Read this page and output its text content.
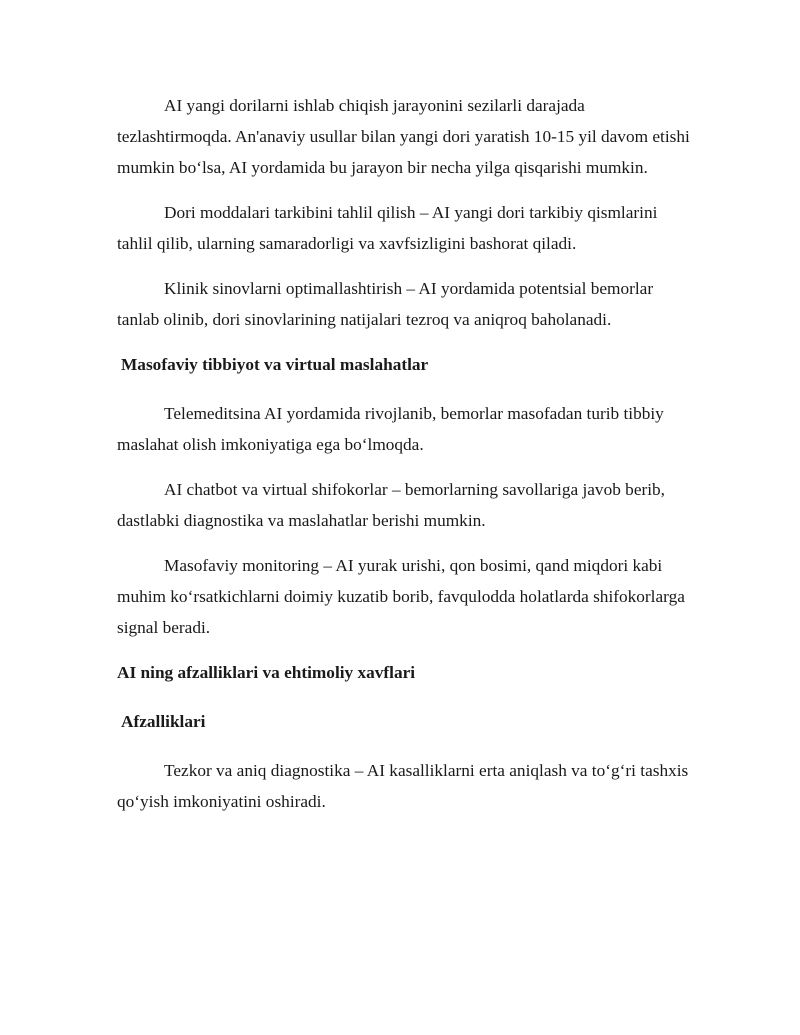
AI yangi dorilarni ishlab chiqish jarayonini sezilarli darajada tezlashtirmoqda. An'anaviy usullar bilan yangi dori yaratish 10-15 yil davom etishi mumkin bo‘lsa, AI yordamida bu jarayon bir necha yilga qisqarishi mumkin.

Dori moddalari tarkibini tahlil qilish – AI yangi dori tarkibiy qismlarini tahlil qilib, ularning samaradorligi va xavfsizligini bashorat qiladi.

Klinik sinovlarni optimallashtirish – AI yordamida potentsial bemorlar tanlab olinib, dori sinovlarining natijalari tezroq va aniqroq baholanadi.

Masofaviy tibbiyot va virtual maslahatlar

Telemeditsina AI yordamida rivojlanib, bemorlar masofadan turib tibbiy maslahat olish imkoniyatiga ega bo‘lmoqda.

AI chatbot va virtual shifokorlar – bemorlarning savollariga javob berib, dastlabki diagnostika va maslahatlar berishi mumkin.

Masofaviy monitoring – AI yurak urishi, qon bosimi, qand miqdori kabi muhim ko‘rsatkichlarni doimiy kuzatib borib, favqulodda holatlarda shifokorlarga signal beradi.

AI ning afzalliklari va ehtimoliy xavflari
Afzalliklari

Tezkor va aniq diagnostika – AI kasalliklarni erta aniqlash va to‘g‘ri tashxis qo‘yish imkoniyatini oshiradi.
